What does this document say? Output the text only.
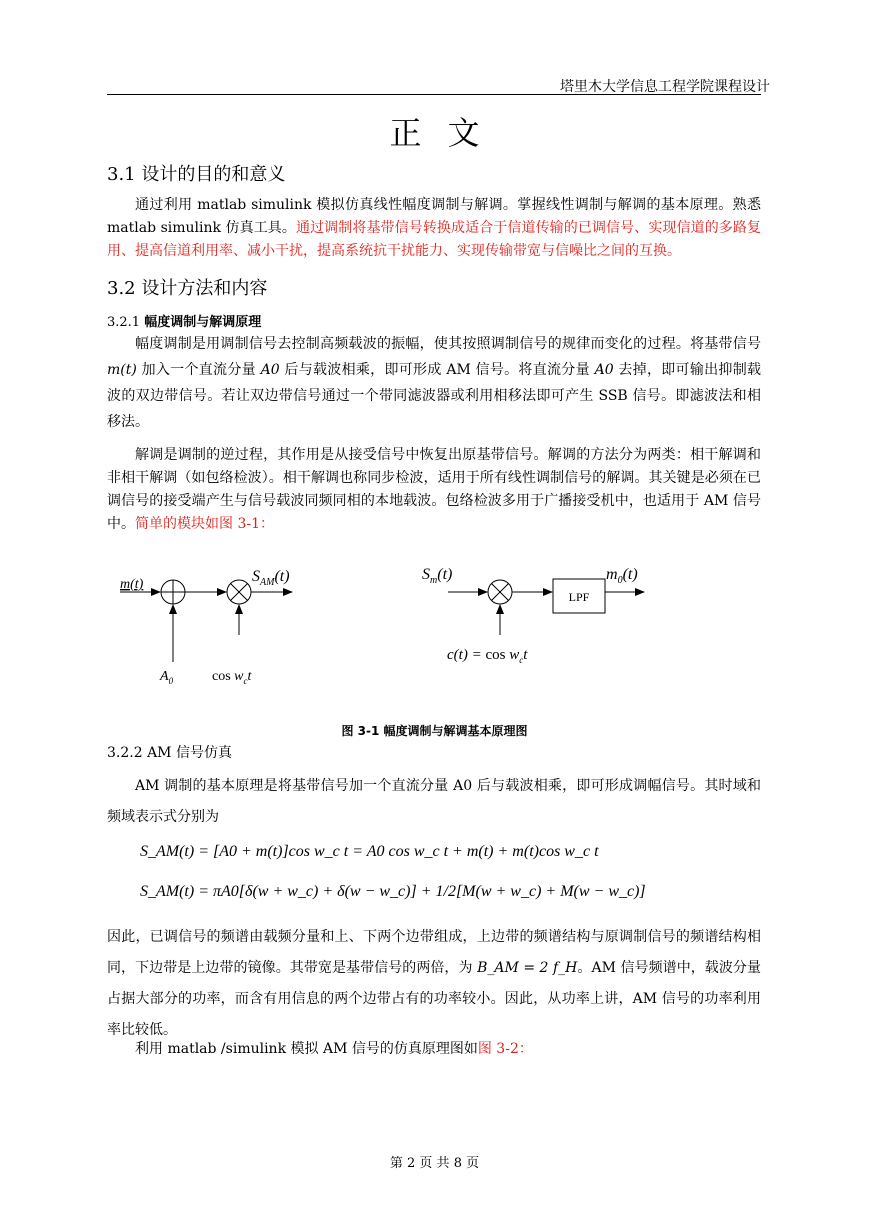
塔里木大学信息工程学院课程设计
正文
3.1 设计的目的和意义
通过利用 matlab simulink 模拟仿真线性幅度调制与解调。掌握线性调制与解调的基本原理。熟悉 matlab simulink 仿真工具。通过调制将基带信号转换成适合于信道传输的已调信号、实现信道的多路复用、提高信道利用率、减小干扰，提高系统抗干扰能力、实现传输带宽与信噪比之间的互换。
3.2 设计方法和内容
3.2.1 幅度调制与解调原理
幅度调制是用调制信号去控制高频载波的振幅，使其按照调制信号的规律而变化的过程。将基带信号 m(t) 加入一个直流分量 A0 后与载波相乘，即可形成 AM 信号。将直流分量 A0 去掉，即可输出抑制载波的双边带信号。若让双边带信号通过一个带同滤波器或利用相移法即可产生 SSB 信号。即滤波法和相移法。
解调是调制的逆过程，其作用是从接受信号中恢复出原基带信号。解调的方法分为两类：相干解调和非相干解调（如包络检波）。相干解调也称同步检波，适用于所有线性调制信号的解调。其关键是必须在已调信号的接受端产生与信号载波同频同相的本地载波。包络检波多用于广播接受机中，也适用于 AM 信号中。简单的模块如图 3-1：
m(t)	$S_{AM}(t)$
$A_0$	$\cos w_ct$
LPF
$S_m(t)$	$m_0(t)$
$c(t) = \cos w_ct$
图 3-1 幅度调制与解调基本原理图
3.2.2 AM 信号仿真
AM 调制的基本原理是将基带信号加一个直流分量 A0 后与载波相乘，即可形成调幅信号。其时域和频域表示式分别为
S_AM(t) = [A0 + m(t)]cos w_c t = A0 cos w_c t + m(t) + m(t)cos w_c t
S_AM(t) = πA0[δ(w + w_c) + δ(w − w_c)] + 1/2[M(w + w_c) + M(w − w_c)]
因此，已调信号的频谱由载频分量和上、下两个边带组成，上边带的频谱结构与原调制信号的频谱结构相同，下边带是上边带的镜像。其带宽是基带信号的两倍，为 B_AM = 2 f_H。AM 信号频谱中，载波分量占据大部分的功率，而含有用信息的两个边带占有的功率较小。因此，从功率上讲，AM 信号的功率利用率比较低。
利用 matlab /simulink 模拟 AM 信号的仿真原理图如图 3-2：
第 2 页 共 8 页
